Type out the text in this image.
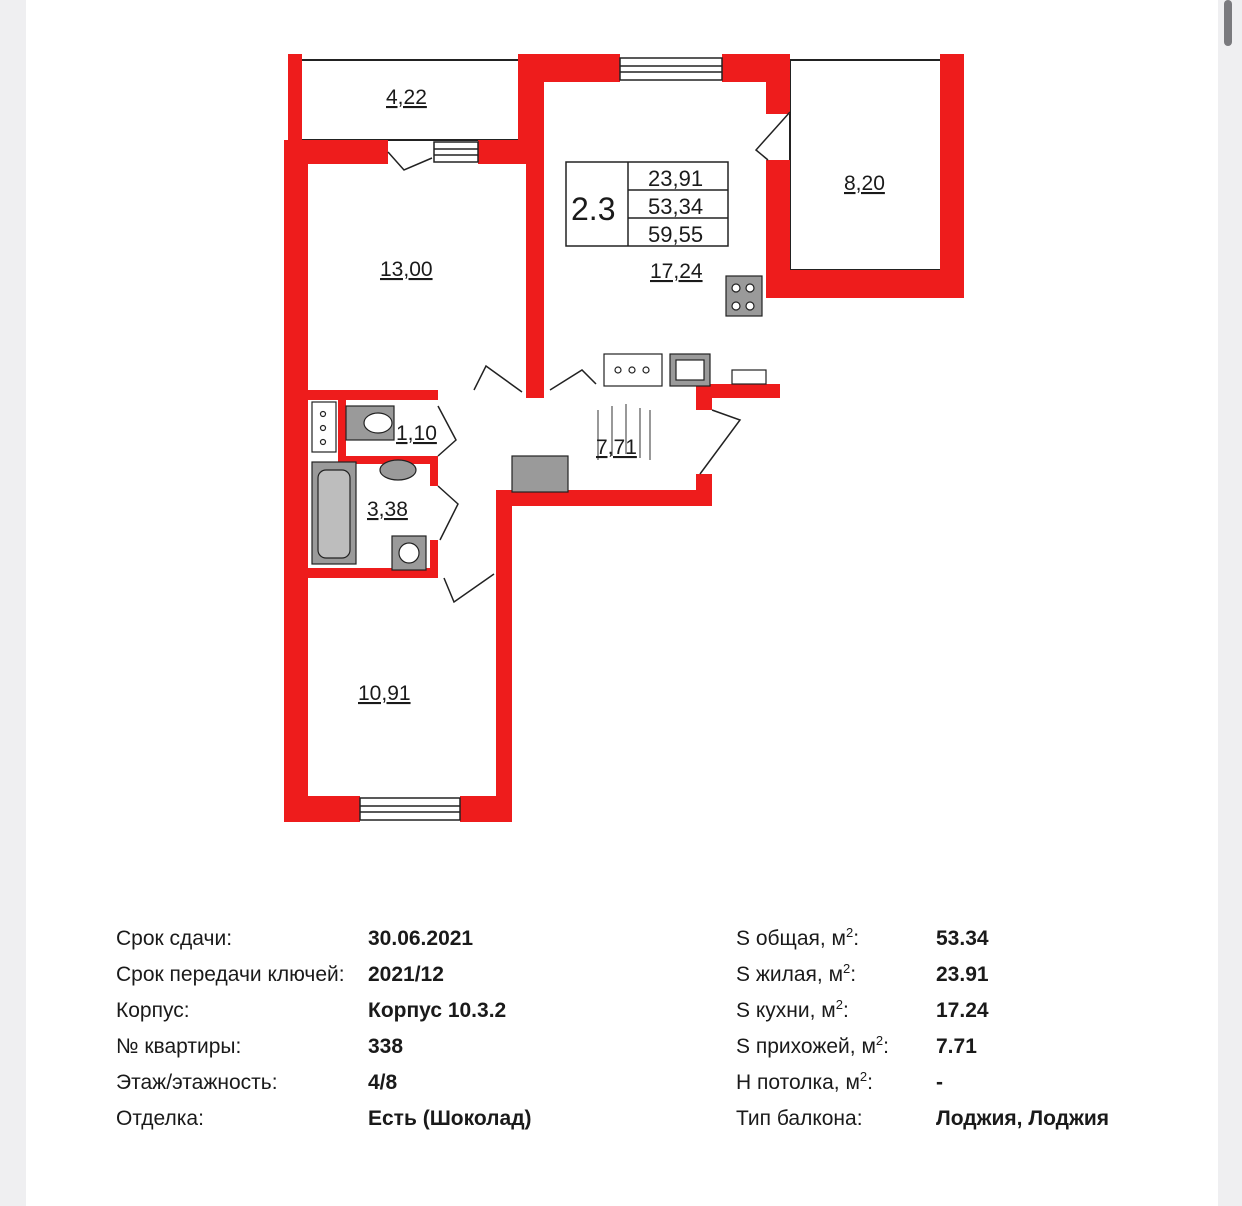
2.3
23,91
53,34
59,55
4,22
8,20
13,00	17,24
1,10
3,38
7,71
10,91
Срок сдачи:	30.06.2021
Срок передачи ключей: 2021/12
Корпус:	Корпус 10.3.2
№ квартиры:	338
Этаж/этажность:	4/8
Отделка:	Есть (Шоколад)
S общая, $м^2$:	53.34
S жилая, $м^2$:	23.91
S кухни, $м^2$:	17.24
S прихожей, $м^2$: 7.71
Н потолка, $м^2$:	-
Тип балкона:	Лоджия, Лоджия
